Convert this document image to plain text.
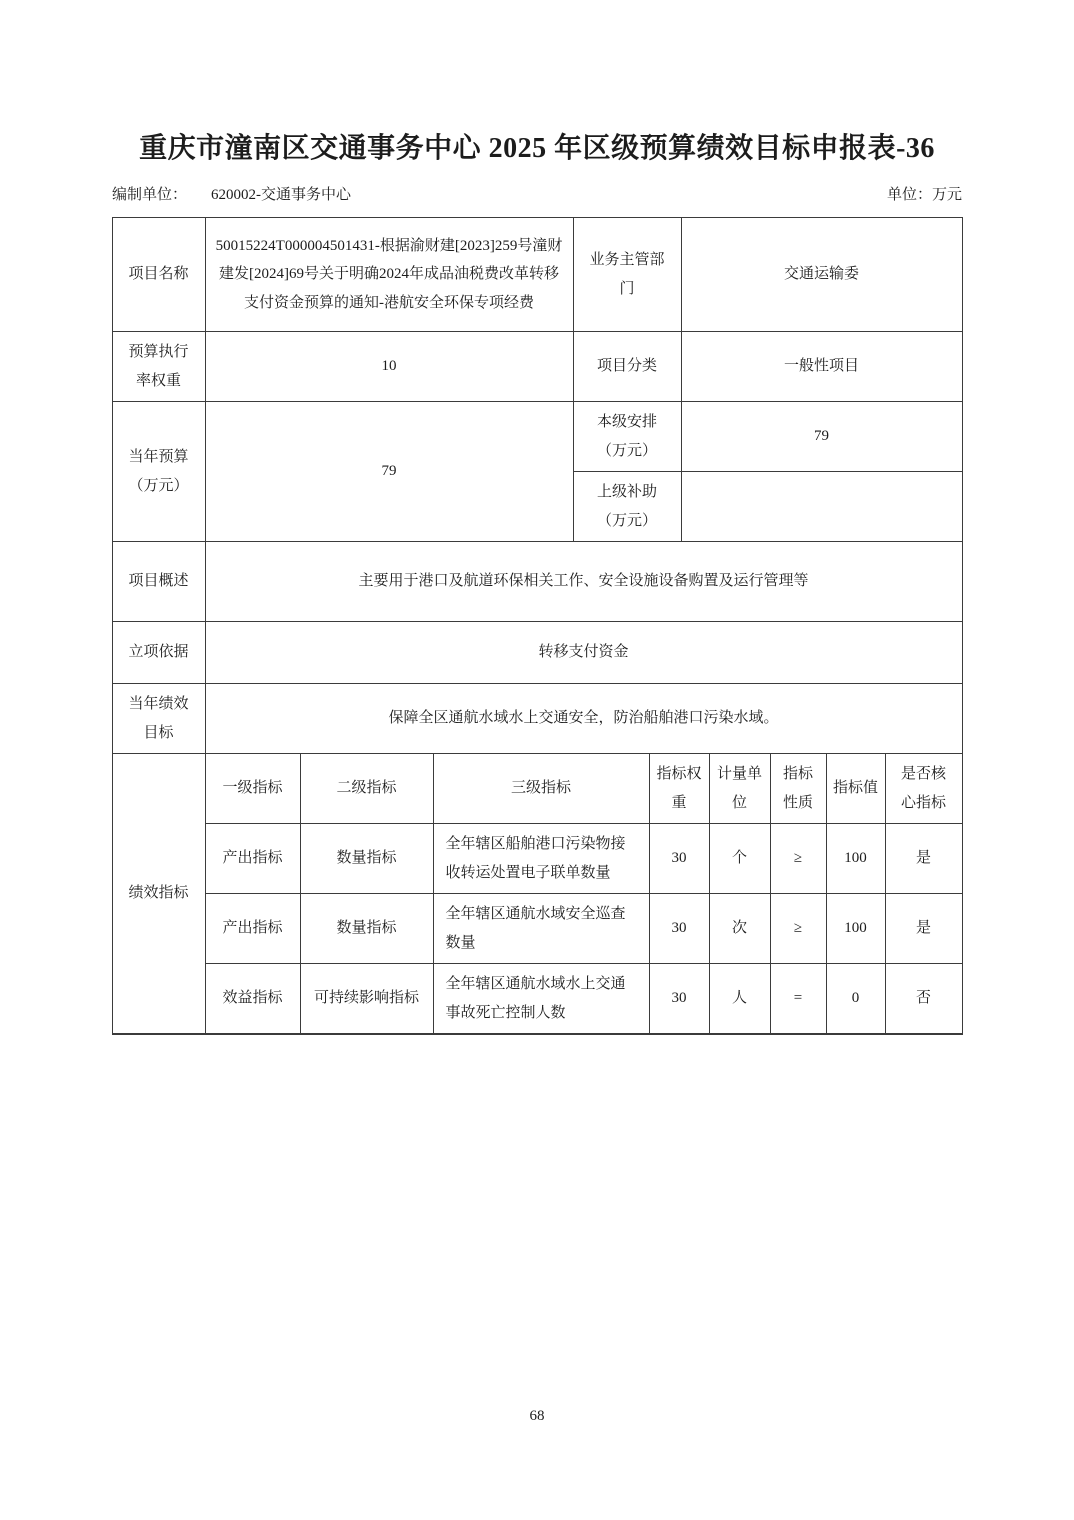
重庆市潼南区交通事务中心 2025 年区级预算绩效目标申报表-36
编制单位： 620002-交通事务中心	单位：万元
项目名称	50015224T000004501431-根据渝财建[2023]259号潼财建发[2024]69号关于明确2024年成品油税费改革转移支付资金预算的通知-港航安全环保专项经费	业务主管部门	交通运输委
预算执行率权重	10	项目分类	一般性项目
当年预算（万元）	79	本级安排（万元）	79
		上级补助（万元）	
项目概述	主要用于港口及航道环保相关工作、安全设施设备购置及运行管理等		
立项依据	转移支付资金		
当年绩效目标	保障全区通航水域水上交通安全，防治船舶港口污染水域。		
绩效指标	一级指标	二级指标	三级指标	指标权重	计量单位	指标性质	指标值	是否核心指标
	产出指标	数量指标	全年辖区船舶港口污染物接收转运处置电子联单数量	30	个	≥	100	是
	产出指标	数量指标	全年辖区通航水域安全巡查数量	30	次	≥	100	是
	效益指标	可持续影响指标	全年辖区通航水域水上交通事故死亡控制人数	30	人	=	0	否
68
